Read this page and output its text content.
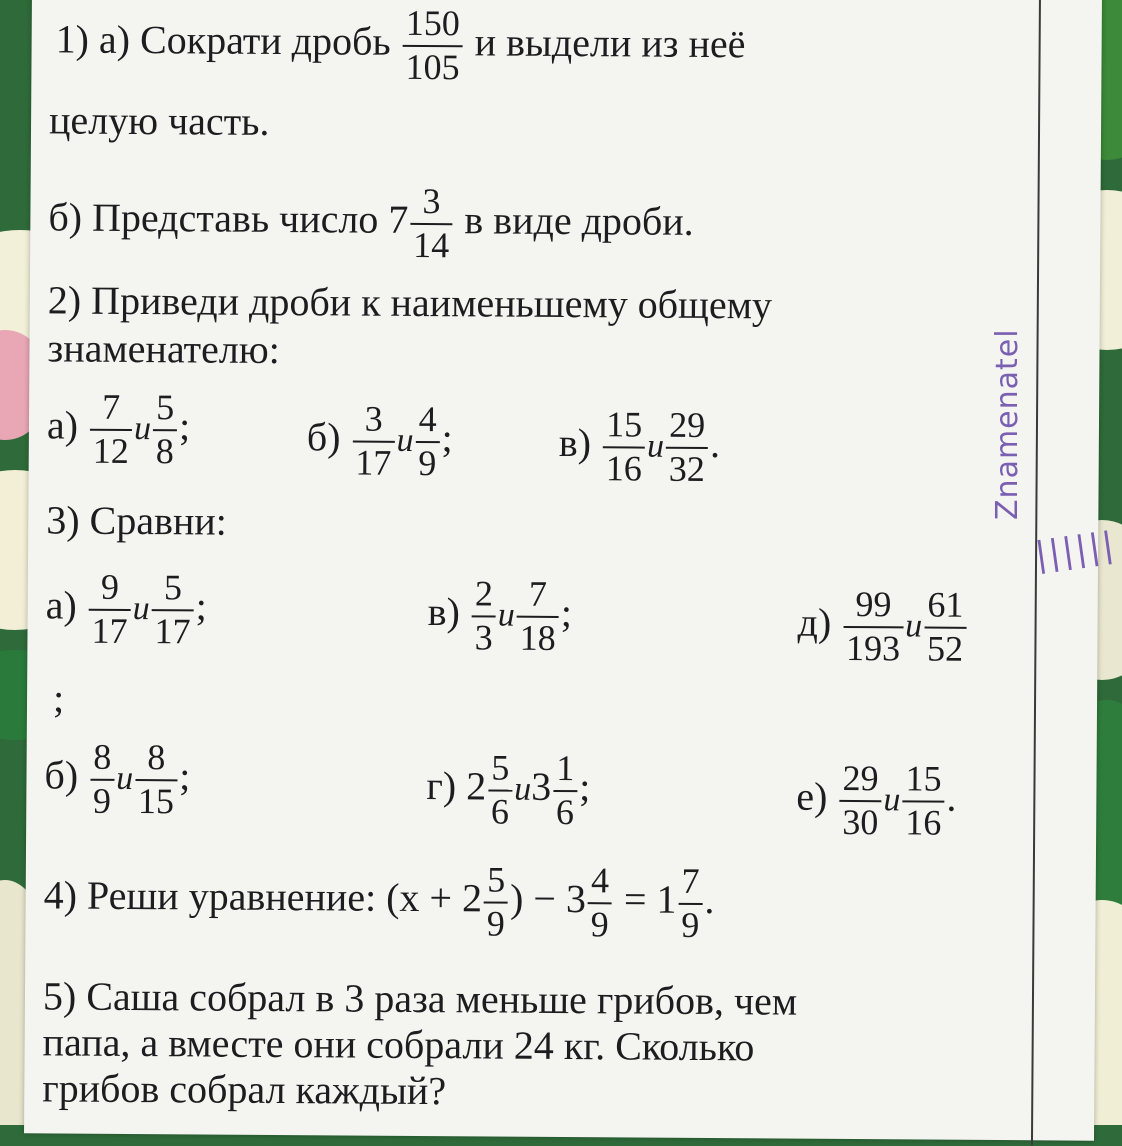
1) а) Сократи дробь $\frac{150}{105}$ и выдели из неё
целую часть.
б) Представь число $7 \frac{3}{14}$ в виде дроби.
2) Приведи дроби к наименьшему общему
знаменателю:
$а) \frac{7}{12}$ и $\frac{5}{8}$ ;	$б) \frac{3}{17}$ и $\frac{4}{9}$ ;	$в) \frac{15}{16}$ и $\frac{29}{32}$ .
3) Сравни:
$а) \frac{9}{17}$ и $\frac{5}{17}$ ;	$в) \frac{2}{3}$ и $\frac{7}{18}$ ;	$д) \frac{99}{193}$ и $\frac{61}{52}$
;
$б) \frac{8}{9}$ и $\frac{8}{15}$ ;	г) $2 \frac{5}{6} и3 \frac{1}{6}$ ;	$е) \frac{29}{30}$ и $\frac{15}{16}$ .
4) Реши уравнение: ($x + 2 \frac{5}{9}$ ) − $3 \frac{4}{9} = 1 \frac{7}{9}$ .
5) Саша собрал в 3 раза меньше грибов, чем
папа, а вместе они собрали 24 кг. Сколько
грибов собрал каждый?
Znamenatel
||||||
